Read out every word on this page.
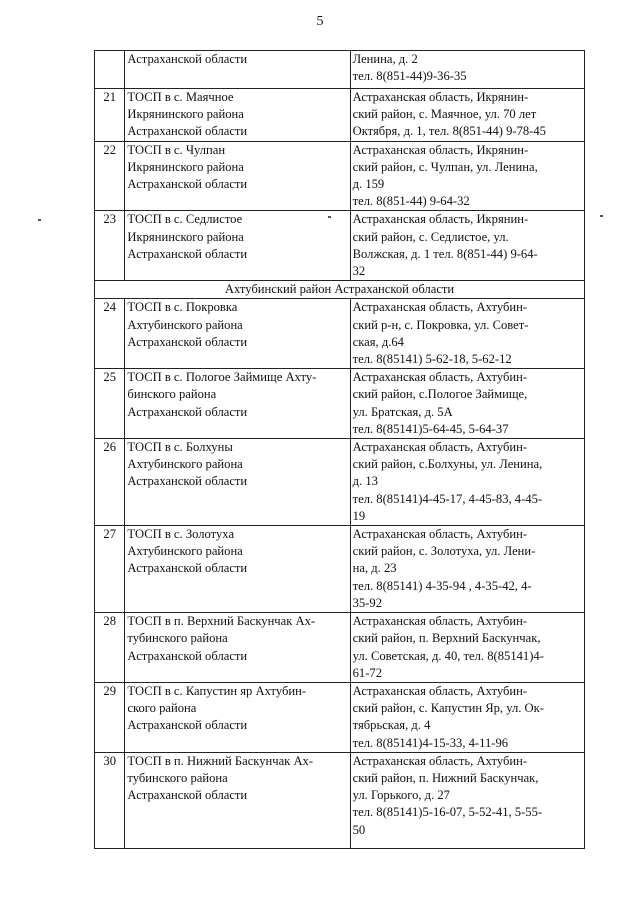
5
	Астраханской области	Ленина, д. 2
тел. 8(851-44)9-36-35
21	ТОСП в с. Маячное
Икрянинского района
Астраханской области	Астраханская область, Икрянин-
ский район, с. Маячное, ул. 70 лет
Октября, д. 1, тел. 8(851-44) 9-78-45
22	ТОСП в с. Чулпан
Икрянинского района
Астраханской области	Астраханская область, Икрянин-
ский район, с. Чулпан, ул. Ленина,
д. 159
тел. 8(851-44) 9-64-32
23	ТОСП в с. Седлистое
Икрянинского района
Астраханской области	Астраханская область, Икрянин-
ский район, с. Седлистое, ул.
Волжская, д. 1 тел. 8(851-44) 9-64-
32
Ахтубинский район Астраханской области		
24	ТОСП в с. Покровка
Ахтубинского района
Астраханской области	Астраханская область, Ахтубин-
ский р-н, с. Покровка, ул. Совет-
ская, д.64
тел. 8(85141) 5-62-18, 5-62-12
25	ТОСП в с. Пологое Займище Ахту-
бинского района
Астраханской области	Астраханская область, Ахтубин-
ский район, с.Пологое Займище,
ул. Братская, д. 5А
тел. 8(85141)5-64-45, 5-64-37
26	ТОСП в с. Болхуны
Ахтубинского района
Астраханской области	Астраханская область, Ахтубин-
ский район, с.Болхуны, ул. Ленина,
д. 13
тел. 8(85141)4-45-17, 4-45-83, 4-45-
19
27	ТОСП в с. Золотуха
Ахтубинского района
Астраханской области	Астраханская область, Ахтубин-
ский район, с. Золотуха, ул. Лени-
на, д. 23
тел. 8(85141) 4-35-94 , 4-35-42, 4-
35-92
28	ТОСП в п. Верхний Баскунчак Ах-
тубинского района
Астраханской области	Астраханская область, Ахтубин-
ский район, п. Верхний Баскунчак,
ул. Советская, д. 40, тел. 8(85141)4-
61-72
29	ТОСП в с. Капустин яр Ахтубин-
ского района
Астраханской области	Астраханская область, Ахтубин-
ский район, с. Капустин Яр, ул. Ок-
тябрьская, д. 4
тел. 8(85141)4-15-33, 4-11-96
30	ТОСП в п. Нижний Баскунчак Ах-
тубинского района
Астраханской области	Астраханская область, Ахтубин-
ский район, п. Нижний Баскунчак,
ул. Горького, д. 27
тел. 8(85141)5-16-07, 5-52-41, 5-55-
50
